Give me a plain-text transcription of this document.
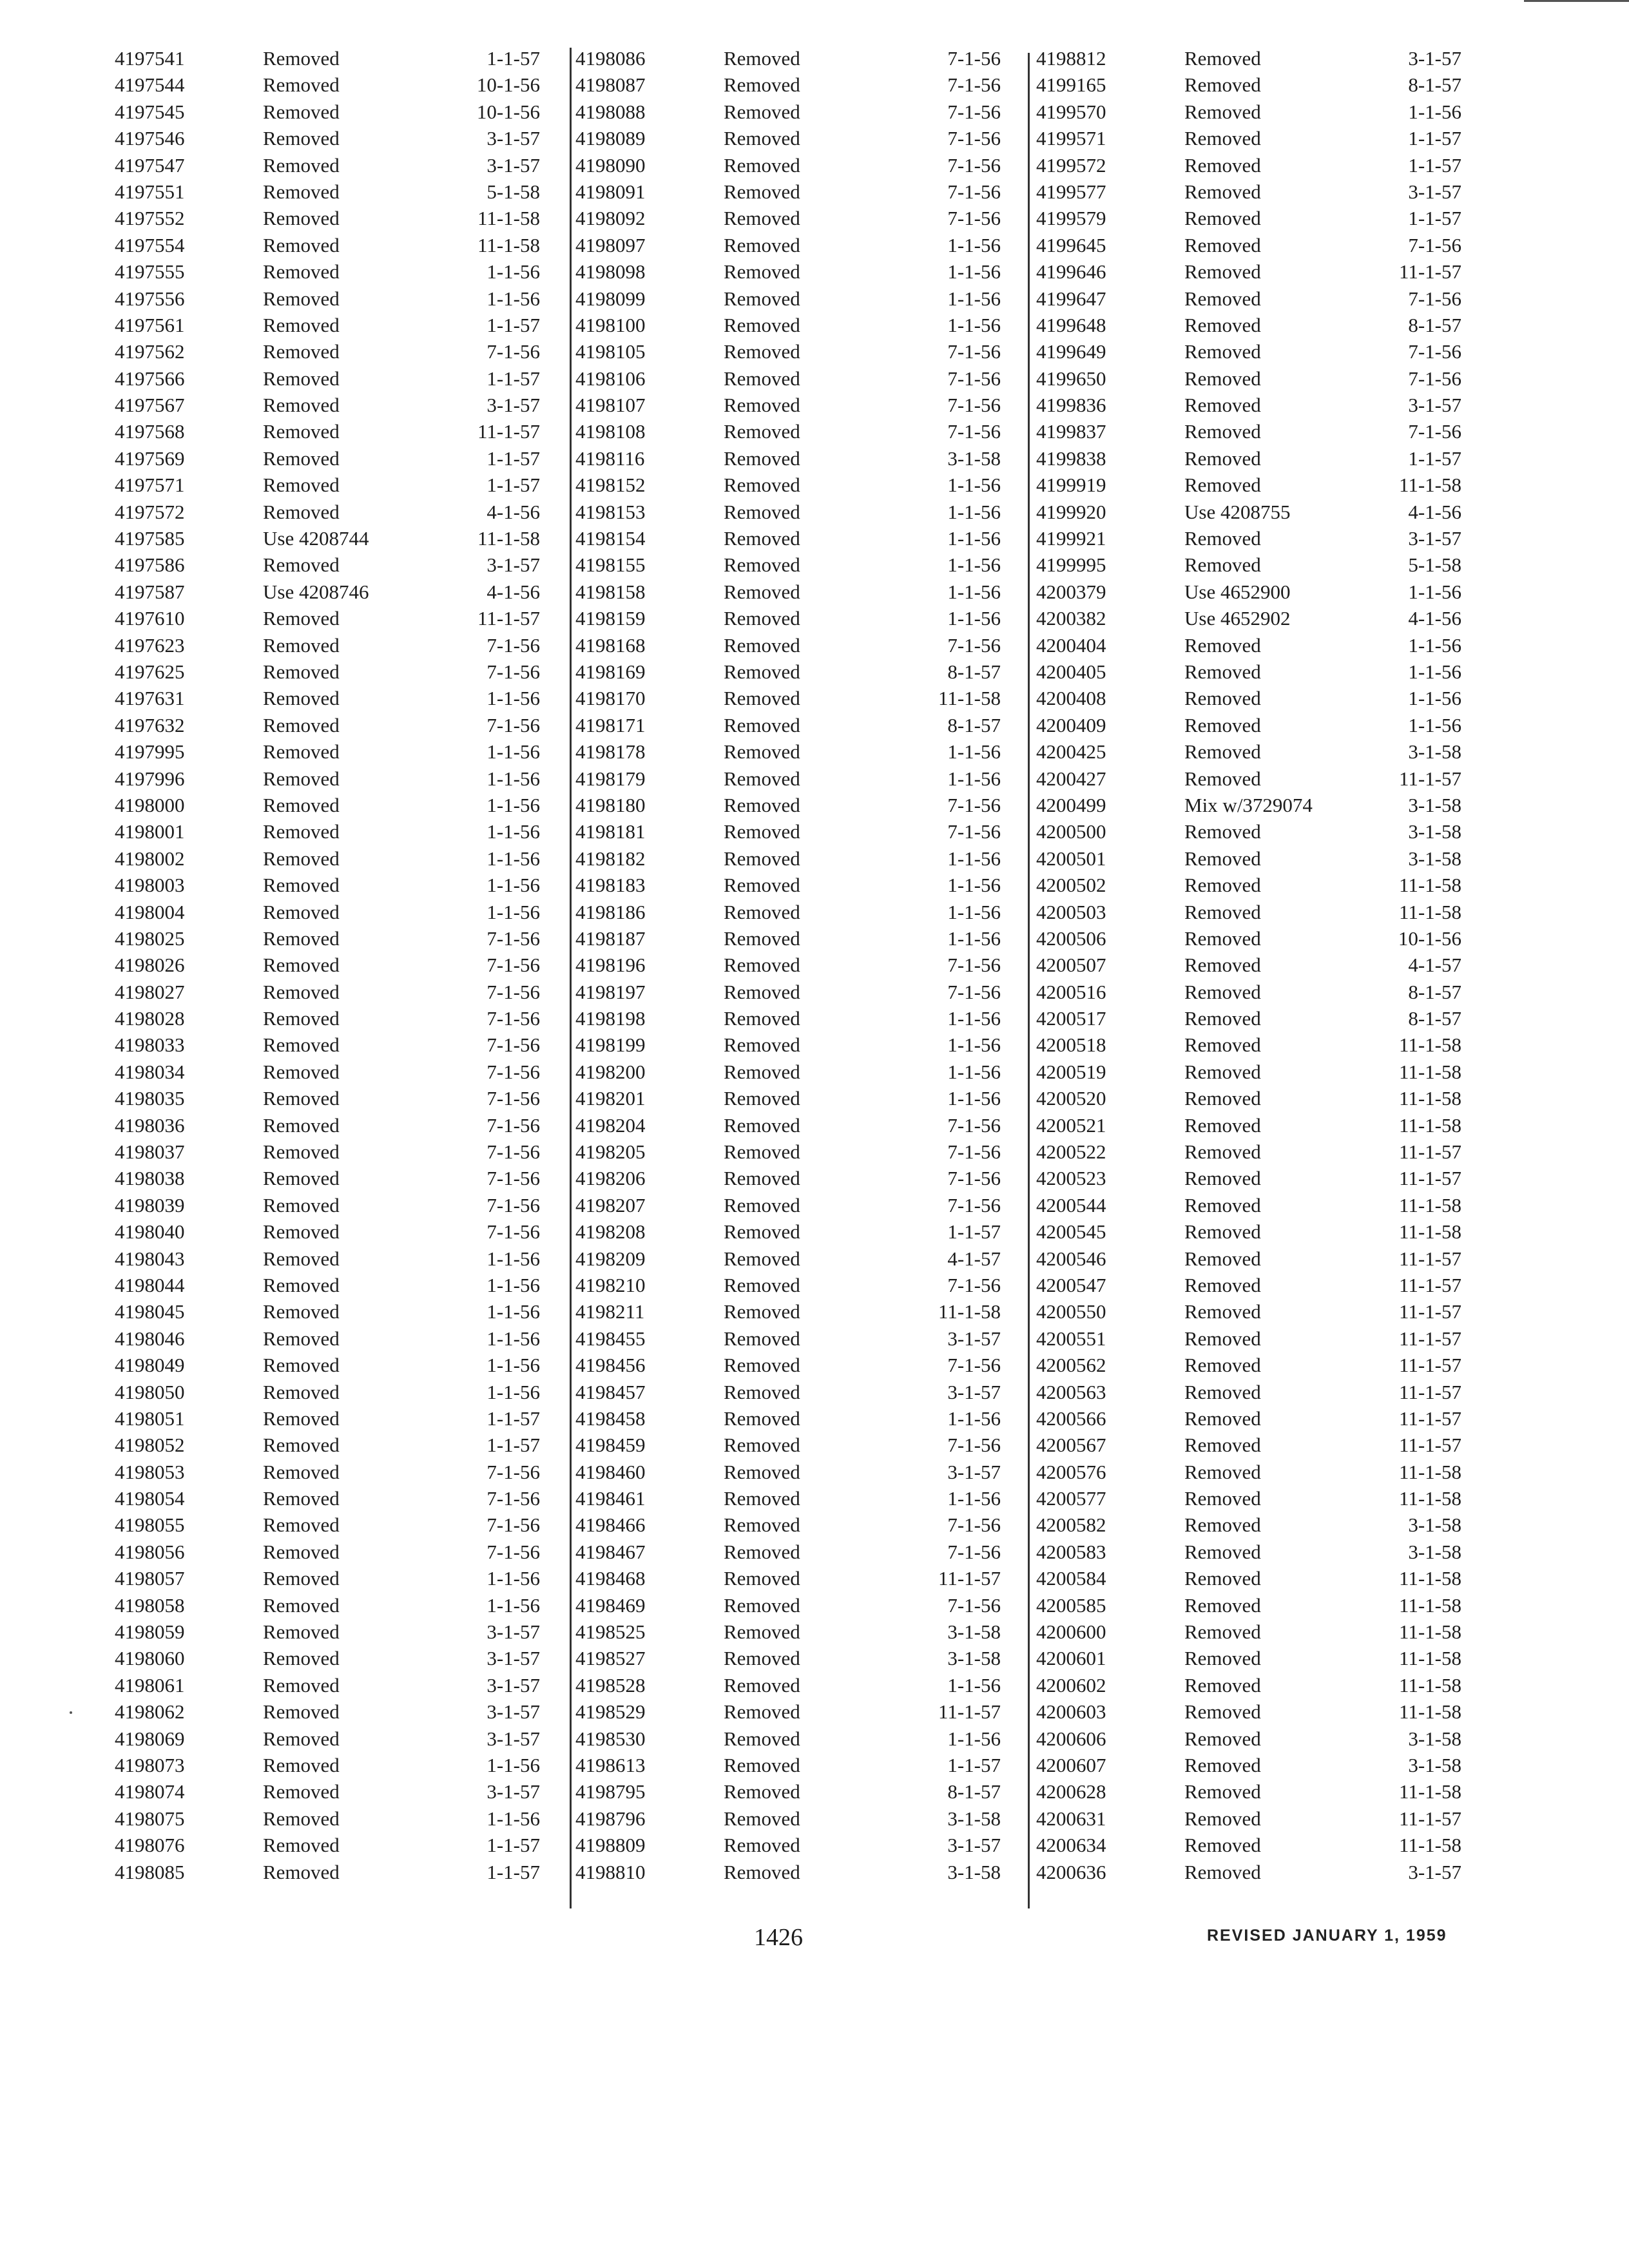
4197541	Removed	1-1-57
4197544	Removed	10-1-56
4197545	Removed	10-1-56
4197546	Removed	3-1-57
4197547	Removed	3-1-57
4197551	Removed	5-1-58
4197552	Removed	11-1-58
4197554	Removed	11-1-58
4197555	Removed	1-1-56
4197556	Removed	1-1-56
4197561	Removed	1-1-57
4197562	Removed	7-1-56
4197566	Removed	1-1-57
4197567	Removed	3-1-57
4197568	Removed	11-1-57
4197569	Removed	1-1-57
4197571	Removed	1-1-57
4197572	Removed	4-1-56
4197585	Use 4208744	11-1-58
4197586	Removed	3-1-57
4197587	Use 4208746	4-1-56
4197610	Removed	11-1-57
4197623	Removed	7-1-56
4197625	Removed	7-1-56
4197631	Removed	1-1-56
4197632	Removed	7-1-56
4197995	Removed	1-1-56
4197996	Removed	1-1-56
4198000	Removed	1-1-56
4198001	Removed	1-1-56
4198002	Removed	1-1-56
4198003	Removed	1-1-56
4198004	Removed	1-1-56
4198025	Removed	7-1-56
4198026	Removed	7-1-56
4198027	Removed	7-1-56
4198028	Removed	7-1-56
4198033	Removed	7-1-56
4198034	Removed	7-1-56
4198035	Removed	7-1-56
4198036	Removed	7-1-56
4198037	Removed	7-1-56
4198038	Removed	7-1-56
4198039	Removed	7-1-56
4198040	Removed	7-1-56
4198043	Removed	1-1-56
4198044	Removed	1-1-56
4198045	Removed	1-1-56
4198046	Removed	1-1-56
4198049	Removed	1-1-56
4198050	Removed	1-1-56
4198051	Removed	1-1-57
4198052	Removed	1-1-57
4198053	Removed	7-1-56
4198054	Removed	7-1-56
4198055	Removed	7-1-56
4198056	Removed	7-1-56
4198057	Removed	1-1-56
4198058	Removed	1-1-56
4198059	Removed	3-1-57
4198060	Removed	3-1-57
4198061	Removed	3-1-57
4198062	Removed	3-1-57
4198069	Removed	3-1-57
4198073	Removed	1-1-56
4198074	Removed	3-1-57
4198075	Removed	1-1-56
4198076	Removed	1-1-57
4198085	Removed	1-1-57
4198086	Removed	7-1-56
4198087	Removed	7-1-56
4198088	Removed	7-1-56
4198089	Removed	7-1-56
4198090	Removed	7-1-56
4198091	Removed	7-1-56
4198092	Removed	7-1-56
4198097	Removed	1-1-56
4198098	Removed	1-1-56
4198099	Removed	1-1-56
4198100	Removed	1-1-56
4198105	Removed	7-1-56
4198106	Removed	7-1-56
4198107	Removed	7-1-56
4198108	Removed	7-1-56
4198116	Removed	3-1-58
4198152	Removed	1-1-56
4198153	Removed	1-1-56
4198154	Removed	1-1-56
4198155	Removed	1-1-56
4198158	Removed	1-1-56
4198159	Removed	1-1-56
4198168	Removed	7-1-56
4198169	Removed	8-1-57
4198170	Removed	11-1-58
4198171	Removed	8-1-57
4198178	Removed	1-1-56
4198179	Removed	1-1-56
4198180	Removed	7-1-56
4198181	Removed	7-1-56
4198182	Removed	1-1-56
4198183	Removed	1-1-56
4198186	Removed	1-1-56
4198187	Removed	1-1-56
4198196	Removed	7-1-56
4198197	Removed	7-1-56
4198198	Removed	1-1-56
4198199	Removed	1-1-56
4198200	Removed	1-1-56
4198201	Removed	1-1-56
4198204	Removed	7-1-56
4198205	Removed	7-1-56
4198206	Removed	7-1-56
4198207	Removed	7-1-56
4198208	Removed	1-1-57
4198209	Removed	4-1-57
4198210	Removed	7-1-56
4198211	Removed	11-1-58
4198455	Removed	3-1-57
4198456	Removed	7-1-56
4198457	Removed	3-1-57
4198458	Removed	1-1-56
4198459	Removed	7-1-56
4198460	Removed	3-1-57
4198461	Removed	1-1-56
4198466	Removed	7-1-56
4198467	Removed	7-1-56
4198468	Removed	11-1-57
4198469	Removed	7-1-56
4198525	Removed	3-1-58
4198527	Removed	3-1-58
4198528	Removed	1-1-56
4198529	Removed	11-1-57
4198530	Removed	1-1-56
4198613	Removed	1-1-57
4198795	Removed	8-1-57
4198796	Removed	3-1-58
4198809	Removed	3-1-57
4198810	Removed	3-1-58
4198812	Removed	3-1-57
4199165	Removed	8-1-57
4199570	Removed	1-1-56
4199571	Removed	1-1-57
4199572	Removed	1-1-57
4199577	Removed	3-1-57
4199579	Removed	1-1-57
4199645	Removed	7-1-56
4199646	Removed	11-1-57
4199647	Removed	7-1-56
4199648	Removed	8-1-57
4199649	Removed	7-1-56
4199650	Removed	7-1-56
4199836	Removed	3-1-57
4199837	Removed	7-1-56
4199838	Removed	1-1-57
4199919	Removed	11-1-58
4199920	Use 4208755	4-1-56
4199921	Removed	3-1-57
4199995	Removed	5-1-58
4200379	Use 4652900	1-1-56
4200382	Use 4652902	4-1-56
4200404	Removed	1-1-56
4200405	Removed	1-1-56
4200408	Removed	1-1-56
4200409	Removed	1-1-56
4200425	Removed	3-1-58
4200427	Removed	11-1-57
4200499	Mix w/3729074	3-1-58
4200500	Removed	3-1-58
4200501	Removed	3-1-58
4200502	Removed	11-1-58
4200503	Removed	11-1-58
4200506	Removed	10-1-56
4200507	Removed	4-1-57
4200516	Removed	8-1-57
4200517	Removed	8-1-57
4200518	Removed	11-1-58
4200519	Removed	11-1-58
4200520	Removed	11-1-58
4200521	Removed	11-1-58
4200522	Removed	11-1-57
4200523	Removed	11-1-57
4200544	Removed	11-1-58
4200545	Removed	11-1-58
4200546	Removed	11-1-57
4200547	Removed	11-1-57
4200550	Removed	11-1-57
4200551	Removed	11-1-57
4200562	Removed	11-1-57
4200563	Removed	11-1-57
4200566	Removed	11-1-57
4200567	Removed	11-1-57
4200576	Removed	11-1-58
4200577	Removed	11-1-58
4200582	Removed	3-1-58
4200583	Removed	3-1-58
4200584	Removed	11-1-58
4200585	Removed	11-1-58
4200600	Removed	11-1-58
4200601	Removed	11-1-58
4200602	Removed	11-1-58
4200603	Removed	11-1-58
4200606	Removed	3-1-58
4200607	Removed	3-1-58
4200628	Removed	11-1-58
4200631	Removed	11-1-57
4200634	Removed	11-1-58
4200636	Removed	3-1-57
1426	REVISED JANUARY 1, 1959
